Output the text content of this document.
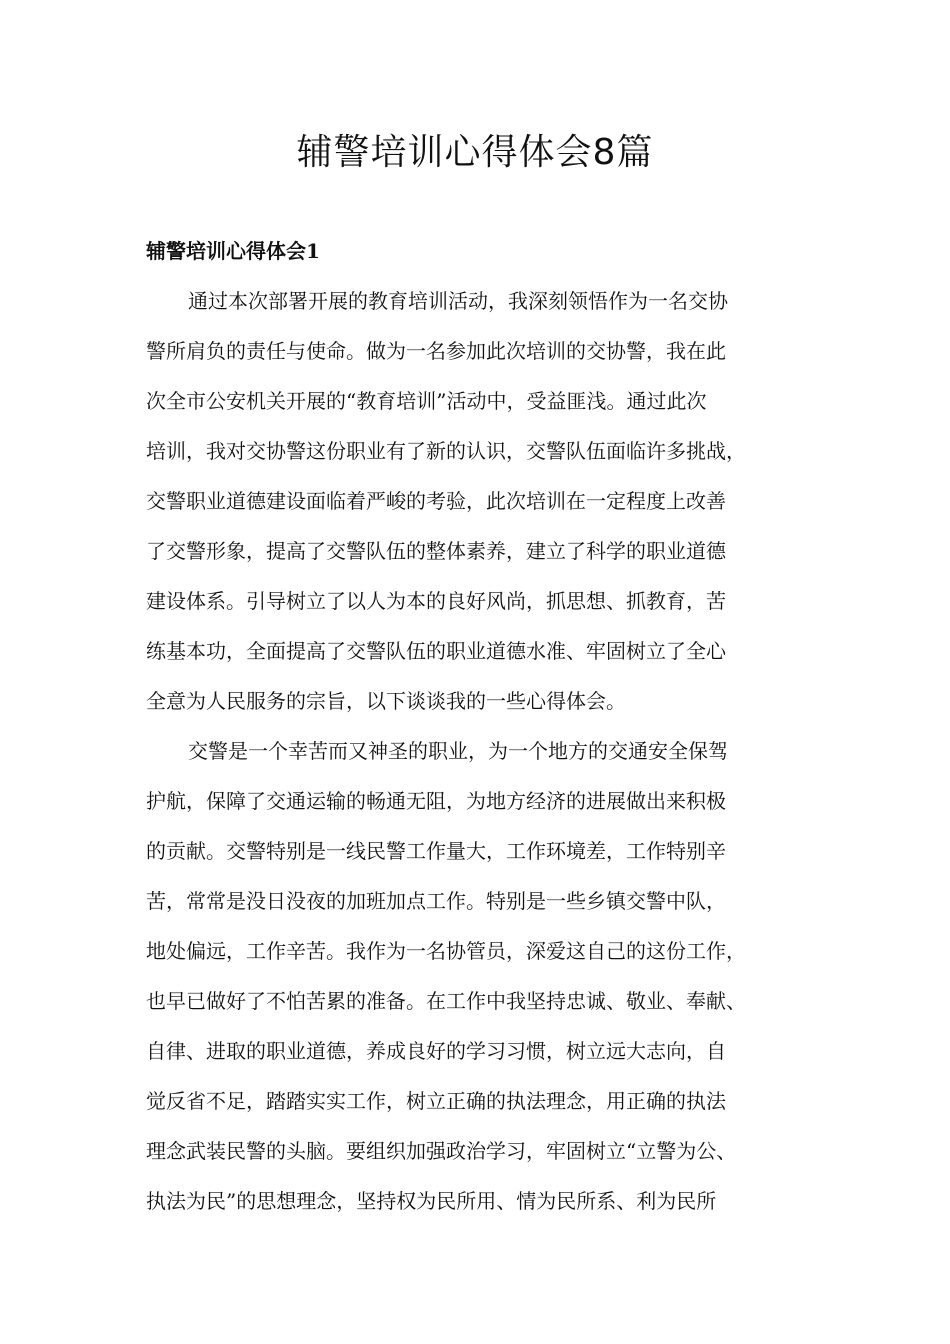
辅警培训心得体会8篇
辅警培训心得体会1
通过本次部署开展的教育培训活动，我深刻领悟作为一名交协
警所肩负的责任与使命。做为一名参加此次培训的交协警，我在此
次全市公安机关开展的“教育培训”活动中，受益匪浅。通过此次
培训，我对交协警这份职业有了新的认识，交警队伍面临许多挑战，
交警职业道德建设面临着严峻的考验，此次培训在一定程度上改善
了交警形象，提高了交警队伍的整体素养，建立了科学的职业道德
建设体系。引导树立了以人为本的良好风尚，抓思想、抓教育，苦
练基本功，全面提高了交警队伍的职业道德水准、牢固树立了全心
全意为人民服务的宗旨，以下谈谈我的一些心得体会。
交警是一个幸苦而又神圣的职业，为一个地方的交通安全保驾
护航，保障了交通运输的畅通无阻，为地方经济的进展做出来积极
的贡献。交警特别是一线民警工作量大，工作环境差，工作特别辛
苦，常常是没日没夜的加班加点工作。特别是一些乡镇交警中队，
地处偏远，工作辛苦。我作为一名协管员，深爱这自己的这份工作，
也早已做好了不怕苦累的准备。在工作中我坚持忠诚、敬业、奉献、
自律、进取的职业道德，养成良好的学习习惯，树立远大志向，自
觉反省不足，踏踏实实工作，树立正确的执法理念，用正确的执法
理念武装民警的头脑。要组织加强政治学习，牢固树立“立警为公、
执法为民”的思想理念，坚持权为民所用、情为民所系、利为民所
